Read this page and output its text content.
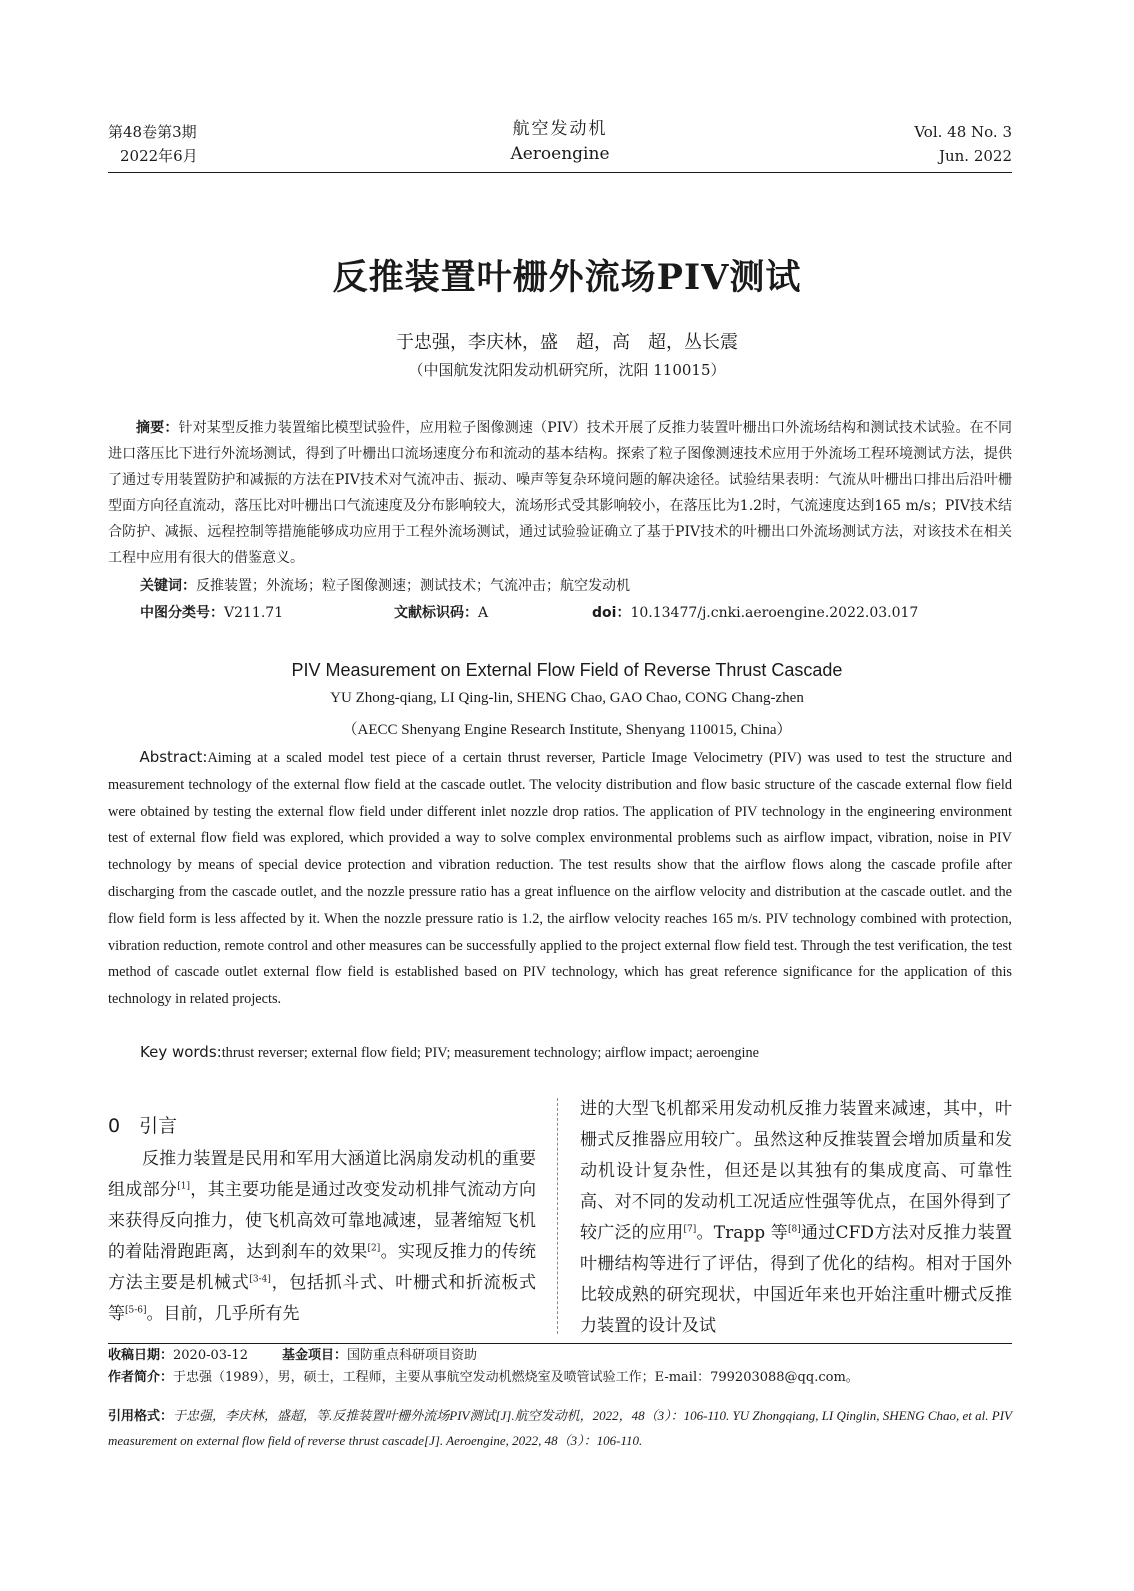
第48卷第3期
2022年6月
航空发动机
Aeroengine
Vol. 48 No. 3
Jun. 2022
反推装置叶栅外流场PIV测试
于忠强，李庆林，盛　超，高　超，丛长震
（中国航发沈阳发动机研究所，沈阳 110015）
摘要：针对某型反推力装置缩比模型试验件，应用粒子图像测速（PIV）技术开展了反推力装置叶栅出口外流场结构和测试技术试验。在不同进口落压比下进行外流场测试，得到了叶栅出口流场速度分布和流动的基本结构。探索了粒子图像测速技术应用于外流场工程环境测试方法，提供了通过专用装置防护和减振的方法在PIV技术对气流冲击、振动、噪声等复杂环境问题的解决途径。试验结果表明：气流从叶栅出口排出后沿叶栅型面方向径直流动，落压比对叶栅出口气流速度及分布影响较大，流场形式受其影响较小，在落压比为1.2时，气流速度达到165 m/s；PIV技术结合防护、减振、远程控制等措施能够成功应用于工程外流场测试，通过试验验证确立了基于PIV技术的叶栅出口外流场测试方法，对该技术在相关工程中应用有很大的借鉴意义。
关键词：反推装置；外流场；粒子图像测速；测试技术；气流冲击；航空发动机
中图分类号：V211.71	文献标识码：A	doi：10.13477/j.cnki.aeroengine.2022.03.017
PIV Measurement on External Flow Field of Reverse Thrust Cascade
YU Zhong-qiang, LI Qing-lin, SHENG Chao, GAO Chao, CONG Chang-zhen
（AECC Shenyang Engine Research Institute, Shenyang 110015, China）
Abstract:Aiming at a scaled model test piece of a certain thrust reverser, Particle Image Velocimetry (PIV) was used to test the structure and measurement technology of the external flow field at the cascade outlet. The velocity distribution and flow basic structure of the cascade external flow field were obtained by testing the external flow field under different inlet nozzle drop ratios. The application of PIV technology in the engineering environment test of external flow field was explored, which provided a way to solve complex environmental problems such as airflow impact, vibration, noise in PIV technology by means of special device protection and vibration reduction. The test results show that the airflow flows along the cascade profile after discharging from the cascade outlet, and the nozzle pressure ratio has a great influence on the airflow velocity and distribution at the cascade outlet. and the flow field form is less affected by it. When the nozzle pressure ratio is 1.2, the airflow velocity reaches 165 m/s. PIV technology combined with protection, vibration reduction, remote control and other measures can be successfully applied to the project external flow field test. Through the test verification, the test method of cascade outlet external flow field is established based on PIV technology, which has great reference significance for the application of this technology in related projects.
Key words:thrust reverser; external flow field; PIV; measurement technology; airflow impact; aeroengine
0　引言

反推力装置是民用和军用大涵道比涡扇发动机的重要组成部分[1]，其主要功能是通过改变发动机排气流动方向来获得反向推力，使飞机高效可靠地减速，显著缩短飞机的着陆滑跑距离，达到刹车的效果[2]。实现反推力的传统方法主要是机械式[3-4]，包括抓斗式、叶栅式和折流板式等[5-6]。目前，几乎所有先

进的大型飞机都采用发动机反推力装置来减速，其中，叶栅式反推器应用较广。虽然这种反推装置会增加质量和发动机设计复杂性，但还是以其独有的集成度高、可靠性高、对不同的发动机工况适应性强等优点，在国外得到了较广泛的应用[7]。Trapp 等[8]通过CFD方法对反推力装置叶栅结构等进行了评估，得到了优化的结构。相对于国外比较成熟的研究现状，中国近年来也开始注重叶栅式反推力装置的设计及试

收稿日期：2020-03-12	基金项目：国防重点科研项目资助
作者简介：于忠强（1989），男，硕士，工程师，主要从事航空发动机燃烧室及喷管试验工作；E-mail：799203088@qq.com。
引用格式：于忠强，李庆林，盛超，等.反推装置叶栅外流场PIV测试[J].航空发动机，2022，48（3）：106-110. YU Zhongqiang, LI Qinglin, SHENG Chao, et al. PIV measurement on external flow field of reverse thrust cascade[J]. Aeroengine, 2022, 48（3）：106-110.
